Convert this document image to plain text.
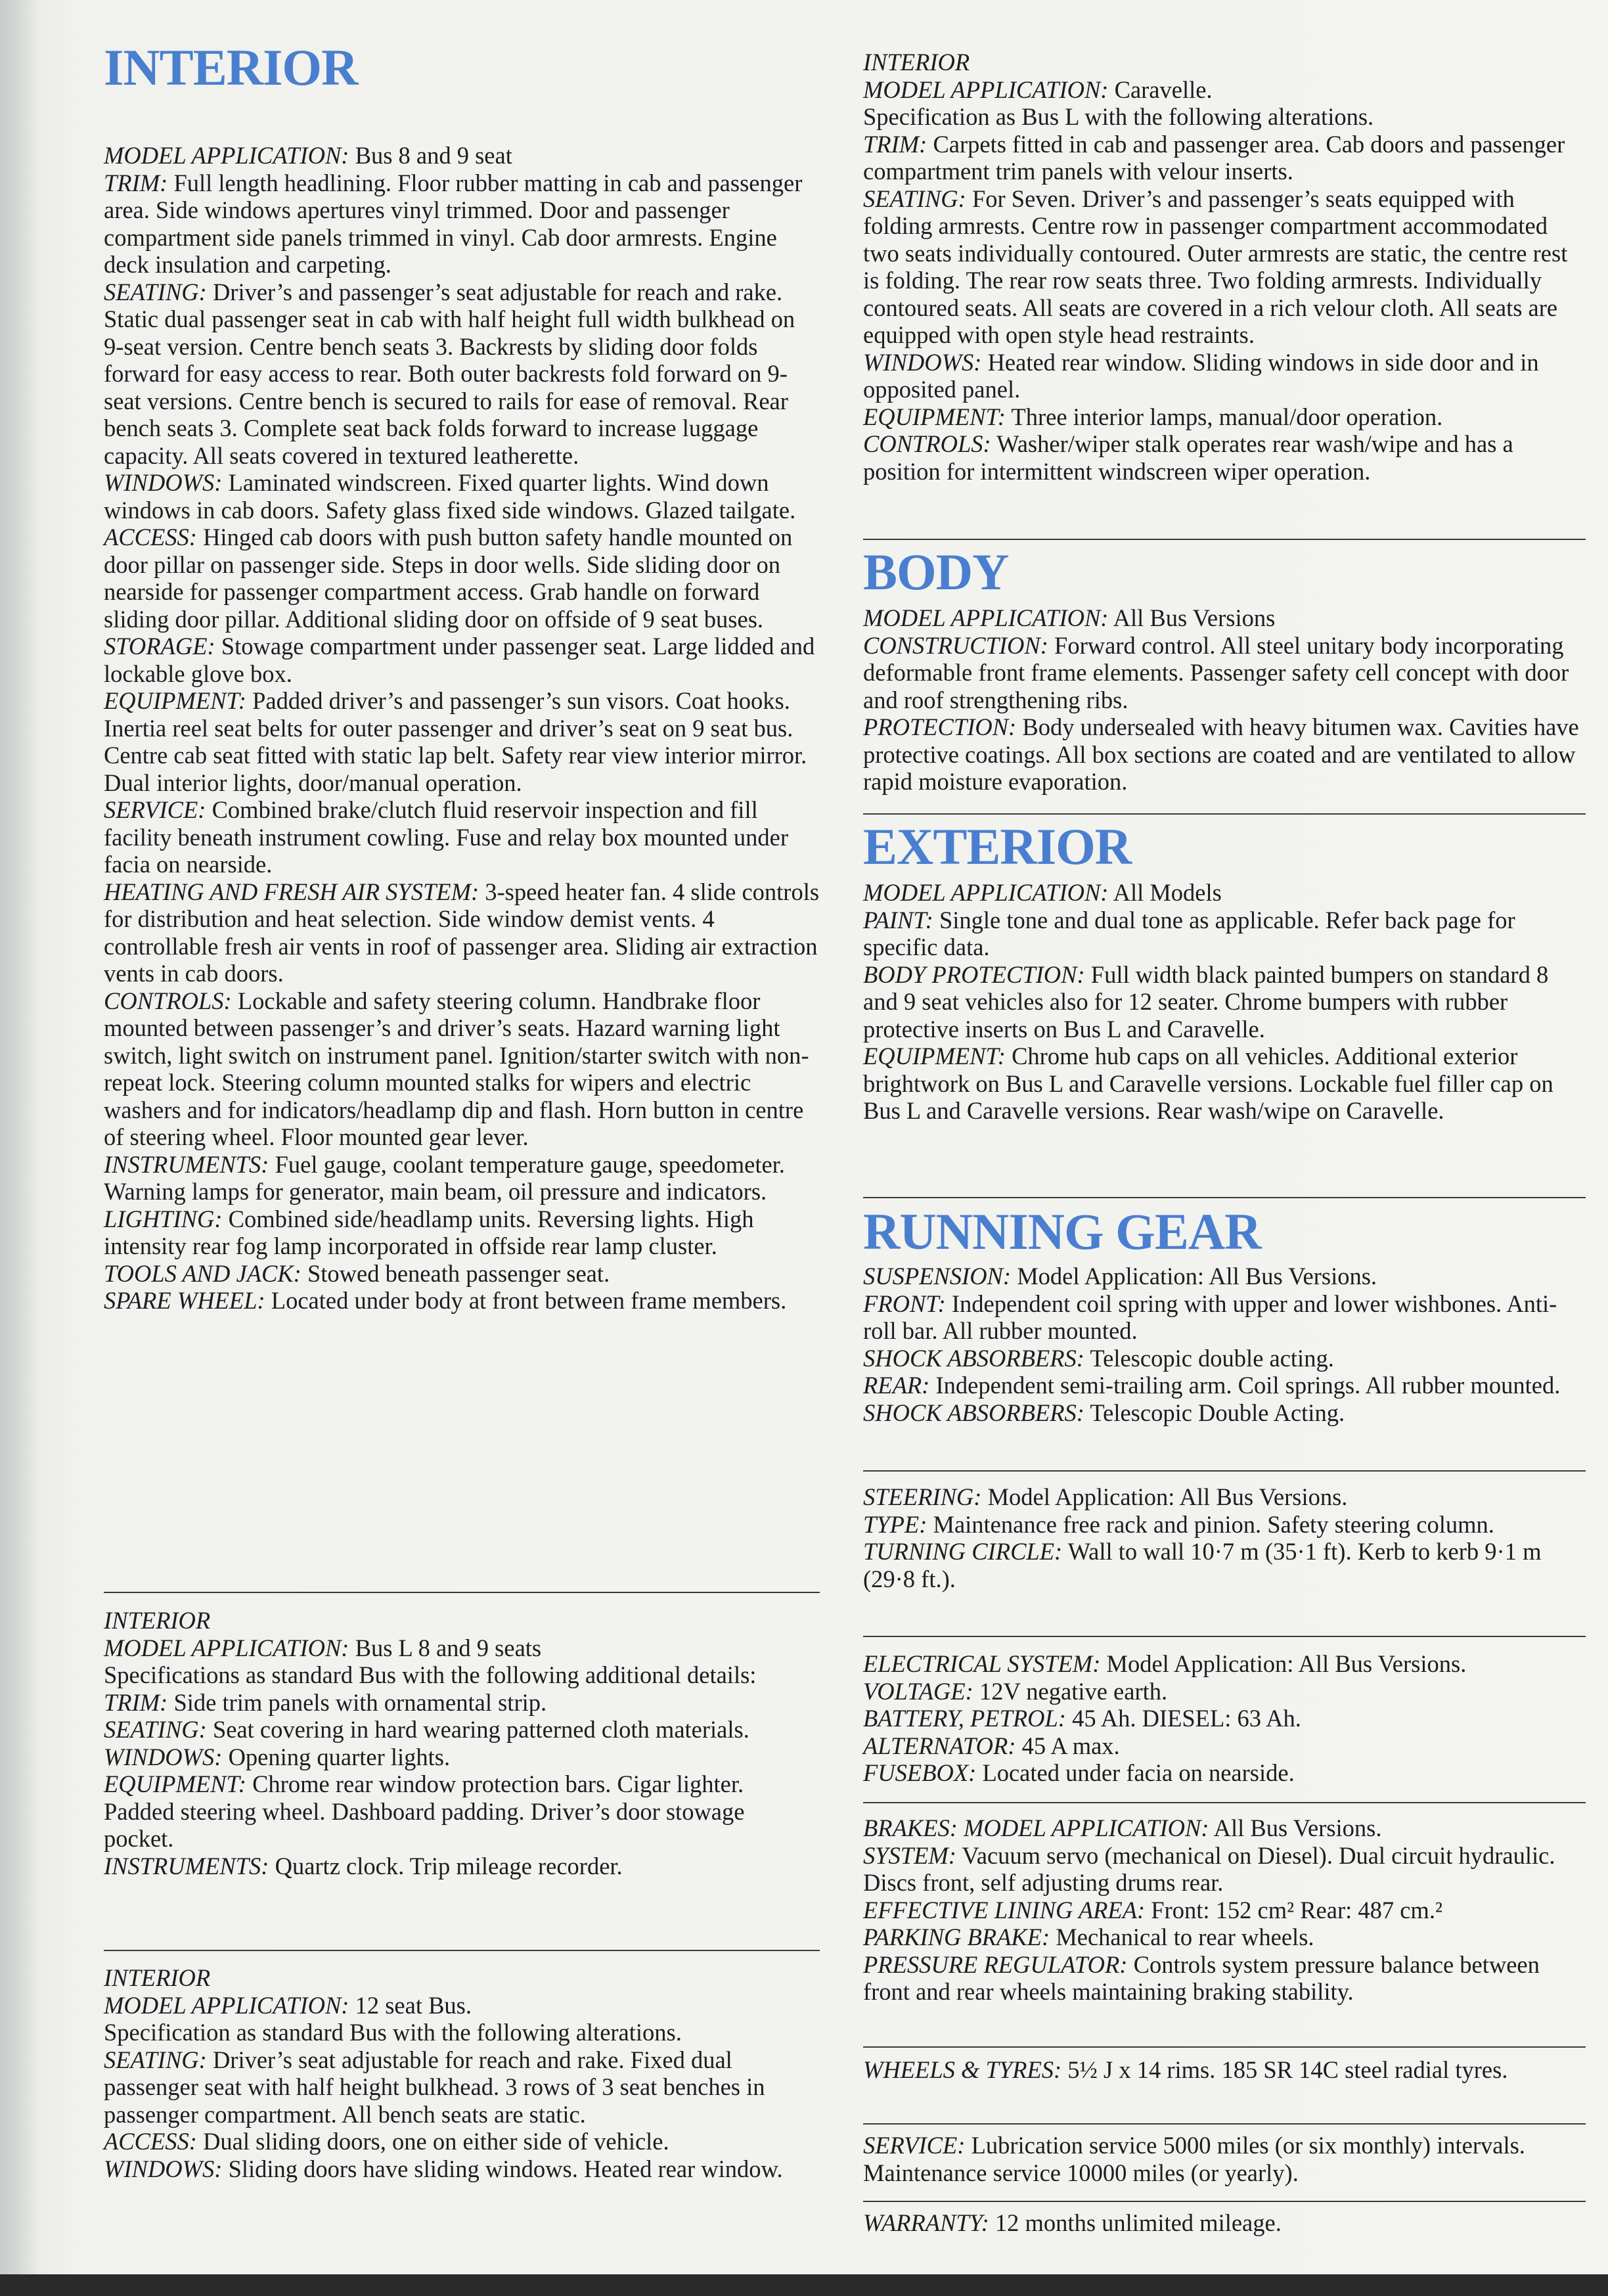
INTERIOR

MODEL APPLICATION: Bus 8 and 9 seat

TRIM: Full length headlining. Floor rubber matting in cab and passenger area. Side windows apertures vinyl trimmed. Door and passenger compartment side panels trimmed in vinyl. Cab door armrests. Engine deck insulation and carpeting.

SEATING: Driver’s and passenger’s seat adjustable for reach and rake. Static dual passenger seat in cab with half height full width bulkhead on 9-seat version. Centre bench seats 3. Backrests by sliding door folds forward for easy access to rear. Both outer backrests fold forward on 9-seat versions. Centre bench is secured to rails for ease of removal. Rear bench seats 3. Complete seat back folds forward to increase luggage capacity. All seats covered in textured leatherette.

WINDOWS: Laminated windscreen. Fixed quarter lights. Wind down windows in cab doors. Safety glass fixed side windows. Glazed tailgate.

ACCESS: Hinged cab doors with push button safety handle mounted on door pillar on passenger side. Steps in door wells. Side sliding door on nearside for passenger compartment access. Grab handle on forward sliding door pillar. Additional sliding door on offside of 9 seat buses.

STORAGE: Stowage compartment under passenger seat. Large lidded and lockable glove box.

EQUIPMENT: Padded driver’s and passenger’s sun visors. Coat hooks. Inertia reel seat belts for outer passenger and driver’s seat on 9 seat bus. Centre cab seat fitted with static lap belt. Safety rear view interior mirror. Dual interior lights, door/manual operation.

SERVICE: Combined brake/clutch fluid reservoir inspection and fill facility beneath instrument cowling. Fuse and relay box mounted under facia on nearside.

HEATING AND FRESH AIR SYSTEM: 3-speed heater fan. 4 slide controls for distribution and heat selection. Side window demist vents. 4 controllable fresh air vents in roof of passenger area. Sliding air extraction vents in cab doors.

CONTROLS: Lockable and safety steering column. Handbrake floor mounted between passenger’s and driver’s seats. Hazard warning light switch, light switch on instrument panel. Ignition/starter switch with non-repeat lock. Steering column mounted stalks for wipers and electric washers and for indicators/headlamp dip and flash. Horn button in centre of steering wheel. Floor mounted gear lever.

INSTRUMENTS: Fuel gauge, coolant temperature gauge, speedometer. Warning lamps for generator, main beam, oil pressure and indicators.

LIGHTING: Combined side/headlamp units. Reversing lights. High intensity rear fog lamp incorporated in offside rear lamp cluster.

TOOLS AND JACK: Stowed beneath passenger seat.

SPARE WHEEL: Located under body at front between frame members.

INTERIOR

MODEL APPLICATION: Bus L 8 and 9 seats

Specifications as standard Bus with the following additional details:

TRIM: Side trim panels with ornamental strip.

SEATING: Seat covering in hard wearing patterned cloth materials.

WINDOWS: Opening quarter lights.

EQUIPMENT: Chrome rear window protection bars. Cigar lighter. Padded steering wheel. Dashboard padding. Driver’s door stowage pocket.

INSTRUMENTS: Quartz clock. Trip mileage recorder.

INTERIOR

MODEL APPLICATION: 12 seat Bus.

Specification as standard Bus with the following alterations.

SEATING: Driver’s seat adjustable for reach and rake. Fixed dual passenger seat with half height bulkhead. 3 rows of 3 seat benches in passenger compartment. All bench seats are static.

ACCESS: Dual sliding doors, one on either side of vehicle.

WINDOWS: Sliding doors have sliding windows. Heated rear window.

INTERIOR

MODEL APPLICATION: Caravelle.

Specification as Bus L with the following alterations.

TRIM: Carpets fitted in cab and passenger area. Cab doors and passenger compartment trim panels with velour inserts.

SEATING: For Seven. Driver’s and passenger’s seats equipped with folding armrests. Centre row in passenger compartment accommodated two seats individually contoured. Outer armrests are static, the centre rest is folding. The rear row seats three. Two folding armrests. Individually contoured seats. All seats are covered in a rich velour cloth. All seats are equipped with open style head restraints.

WINDOWS: Heated rear window. Sliding windows in side door and in opposited panel.

EQUIPMENT: Three interior lamps, manual/door operation.

CONTROLS: Washer/wiper stalk operates rear wash/wipe and has a position for intermittent windscreen wiper operation.

BODY

MODEL APPLICATION: All Bus Versions

CONSTRUCTION: Forward control. All steel unitary body incorporating deformable front frame elements. Passenger safety cell concept with door and roof strengthening ribs.

PROTECTION: Body undersealed with heavy bitumen wax. Cavities have protective coatings. All box sections are coated and are ventilated to allow rapid moisture evaporation.

EXTERIOR

MODEL APPLICATION: All Models

PAINT: Single tone and dual tone as applicable. Refer back page for specific data.

BODY PROTECTION: Full width black painted bumpers on standard 8 and 9 seat vehicles also for 12 seater. Chrome bumpers with rubber protective inserts on Bus L and Caravelle.

EQUIPMENT: Chrome hub caps on all vehicles. Additional exterior brightwork on Bus L and Caravelle versions. Lockable fuel filler cap on Bus L and Caravelle versions. Rear wash/wipe on Caravelle.

RUNNING GEAR

SUSPENSION: Model Application: All Bus Versions.

FRONT: Independent coil spring with upper and lower wishbones. Anti-roll bar. All rubber mounted.

SHOCK ABSORBERS: Telescopic double acting.

REAR: Independent semi-trailing arm. Coil springs. All rubber mounted.

SHOCK ABSORBERS: Telescopic Double Acting.

STEERING: Model Application: All Bus Versions.

TYPE: Maintenance free rack and pinion. Safety steering column.

TURNING CIRCLE: Wall to wall 10·7 m (35·1 ft). Kerb to kerb 9·1 m (29·8 ft.).

ELECTRICAL SYSTEM: Model Application: All Bus Versions.

VOLTAGE: 12V negative earth.

BATTERY, PETROL: 45 Ah. DIESEL: 63 Ah.

ALTERNATOR: 45 A max.

FUSEBOX: Located under facia on nearside.

BRAKES: MODEL APPLICATION: All Bus Versions.

SYSTEM: Vacuum servo (mechanical on Diesel). Dual circuit hydraulic. Discs front, self adjusting drums rear.

EFFECTIVE LINING AREA: Front: 152 cm² Rear: 487 cm.²

PARKING BRAKE: Mechanical to rear wheels.

PRESSURE REGULATOR: Controls system pressure balance between front and rear wheels maintaining braking stability.

WHEELS & TYRES: 5½ J x 14 rims. 185 SR 14C steel radial tyres.

SERVICE: Lubrication service 5000 miles (or six monthly) intervals. Maintenance service 10000 miles (or yearly).

WARRANTY: 12 months unlimited mileage.
